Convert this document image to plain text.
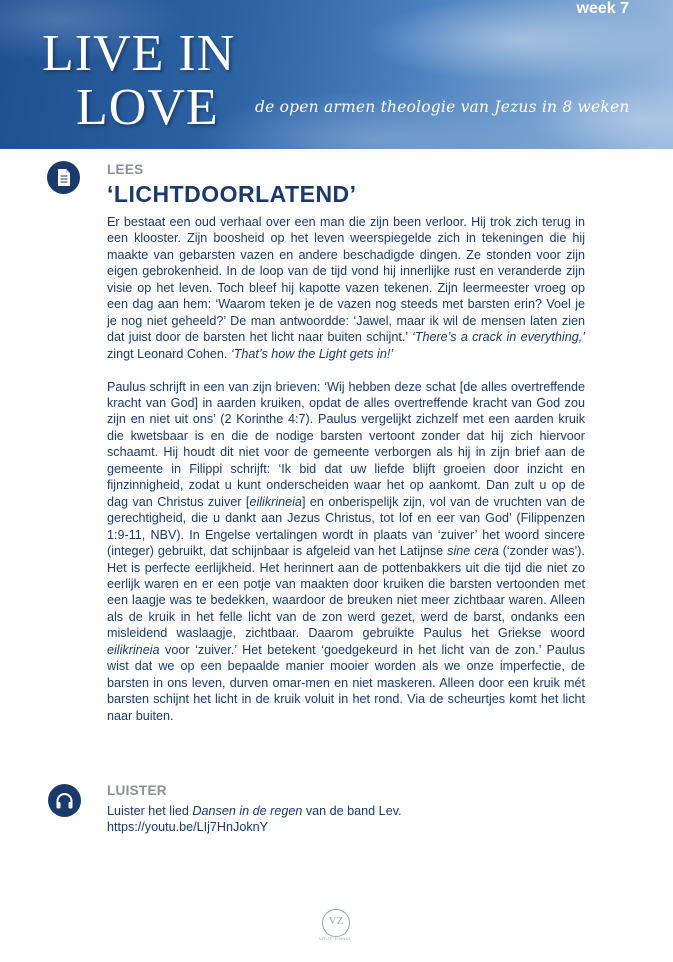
week 7
LIVE IN
LOVE de open armen theologie van Jezus in 8 weken
LEES
‘LICHTDOORLATEND’

Er bestaat een oud verhaal over een man die zijn been verloor. Hij trok zich terug in een klooster. Zijn boosheid op het leven weerspiegelde zich in tekeningen die hij maakte van gebarsten vazen en andere beschadigde dingen. Ze stonden voor zijn eigen gebrokenheid. In de loop van de tijd vond hij innerlijke rust en veranderde zijn visie op het leven. Toch bleef hij kapotte vazen tekenen. Zijn leermeester vroeg op een dag aan hem: ‘Waarom teken je de vazen nog steeds met barsten erin? Voel je je nog niet geheeld?’ De man antwoordde: ‘Jawel, maar ik wil de mensen laten zien dat juist door de barsten het licht naar buiten schijnt.’ ‘There’s a crack in everything,’ zingt Leonard Cohen. ‘That’s how the Light gets in!’

Paulus schrijft in een van zijn brieven: ‘Wij hebben deze schat [de alles overtreffende kracht van God] in aarden kruiken, opdat de alles overtreffende kracht van God zou zijn en niet uit ons’ (2 Korinthe 4:7). Paulus vergelijkt zichzelf met een aarden kruik die kwetsbaar is en die de nodige barsten vertoont zonder dat hij zich hiervoor schaamt. Hij houdt dit niet voor de gemeente verborgen als hij in zijn brief aan de gemeente in Filippi schrijft: ‘Ik bid dat uw liefde blijft groeien door inzicht en fijnzinnigheid, zodat u kunt onderscheiden waar het op aankomt. Dan zult u op de dag van Christus zuiver [eilikrineia] en onberispelijk zijn, vol van de vruchten van de gerechtigheid, die u dankt aan Jezus Christus, tot lof en eer van God’ (Filippenzen 1:9-11, NBV). In Engelse vertalingen wordt in plaats van ‘zuiver’ het woord sincere (integer) gebruikt, dat schijnbaar is afgeleid van het Latijnse sine cera (‘zonder was’). Het is perfecte eerlijkheid. Het herinnert aan de pottenbakkers uit die tijd die niet zo eerlijk waren en er een potje van maakten door kruiken die barsten vertoonden met een laagje was te bedekken, waardoor de breuken niet meer zichtbaar waren. Alleen als de kruik in het felle licht van de zon werd gezet, werd de barst, ondanks een misleidend waslaagje, zichtbaar. Daarom gebruikte Paulus het Griekse woord eilikrineia voor ‘zuiver.’ Het betekent ‘goedgekeurd in het licht van de zon.’ Paulus wist dat we op een bepaalde manier mooier worden als we onze imperfectie, de barsten in ons leven, durven omar-men en niet maskeren. Alleen door een kruik mét barsten schijnt het licht in de kruik voluit in het rond. Via de scheurtjes komt het licht naar buiten.

LUISTER
Luister het lied Dansen in de regen van de band Lev.
https://youtu.be/LIj7HnJoknY
VZ
VRIJE ZINNIG
